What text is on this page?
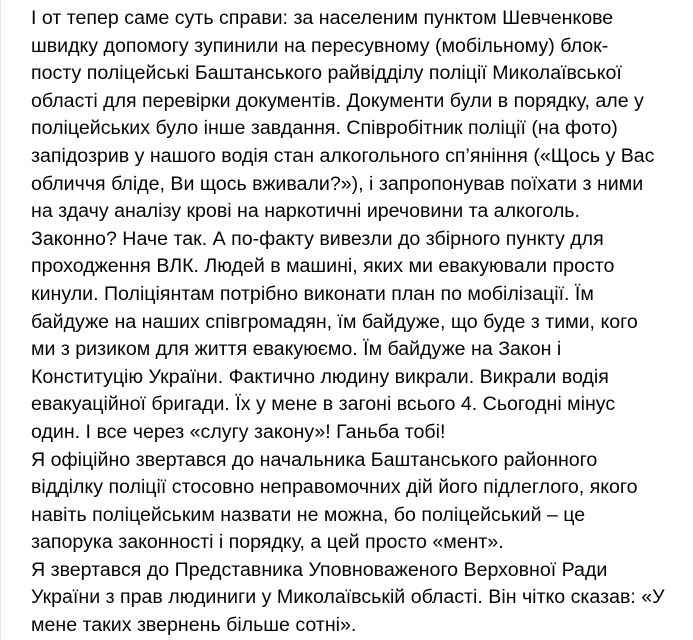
І от тепер саме суть справи: за населеним пунктом Шевченкове
швидку допомогу зупинили на пересувному (мобільному) блок-
посту поліцейські Баштанського райвідділу поліції Миколаївської
області для перевірки документів. Документи були в порядку, але у
поліцейських було інше завдання. Співробітник поліції (на фото)
запідозрив у нашого водія стан алкогольного сп’яніння («Щось у Вас
обличчя бліде, Ви щось вживали?»), і запропонував поїхати з ними
на здачу аналізу крові на наркотичні иречовини та алкоголь.
Законно? Наче так. А по-факту вивезли до збірного пункту для
проходження ВЛК. Людей в машині, яких ми евакуювали просто
кинули. Поліціянтам потрібно виконати план по мобілізації. Їм
байдуже на наших співгромадян, їм байдуже, що буде з тими, кого
ми з ризиком для життя евакуюємо. Їм байдуже на Закон і
Конституцію України. Фактично людину викрали. Викрали водія
евакуаційної бригади. Їх у мене в загоні всього 4. Сьогодні мінус
один. І все через «слугу закону»! Ганьба тобі!
Я офіційно звертався до начальника Баштанського районного
відділку поліції стосовно неправомочних дій його підлеглого, якого
навіть поліцейським назвати не можна, бо поліцейський – це
запорука законності і порядку, а цей просто «мент».
Я звертався до Представника Уповноваженого Верховної Ради
України з прав людиниги у Миколаївській області. Він чітко сказав: «У
мене таких звернень більше сотні».
